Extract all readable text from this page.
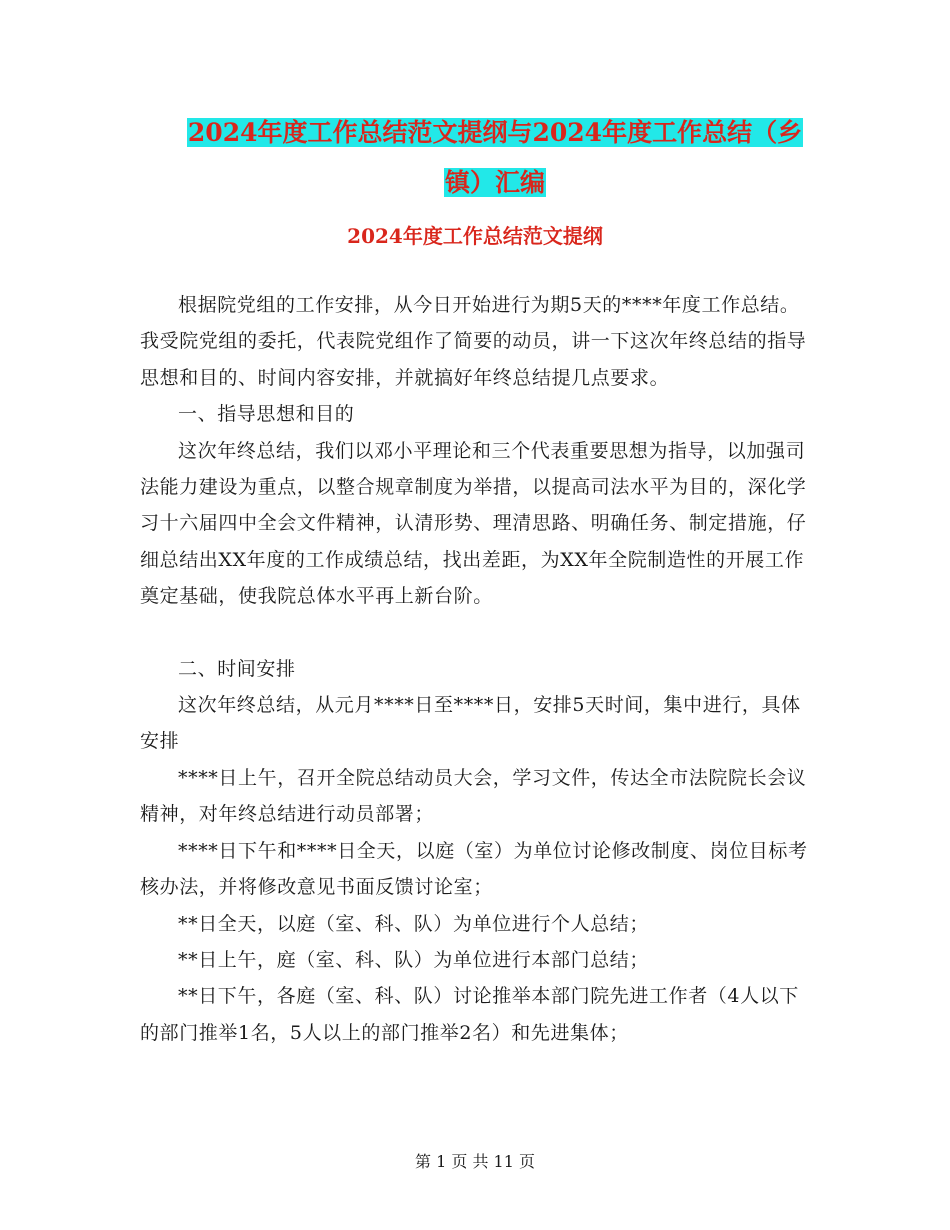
2024年度工作总结范文提纲与2024年度工作总结（乡
镇）汇编
2024年度工作总结范文提纲

根据院党组的工作安排，从今日开始进行为期5天的****年度工作总结。我受院党组的委托，代表院党组作了简要的动员，讲一下这次年终总结的指导思想和目的、时间内容安排，并就搞好年终总结提几点要求。

一、指导思想和目的

这次年终总结，我们以邓小平理论和三个代表重要思想为指导，以加强司法能力建设为重点，以整合规章制度为举措，以提高司法水平为目的，深化学习十六届四中全会文件精神，认清形势、理清思路、明确任务、制定措施，仔细总结出XX年度的工作成绩总结，找出差距，为XX年全院制造性的开展工作奠定基础，使我院总体水平再上新台阶。

二、时间安排

这次年终总结，从元月****日至****日，安排5天时间，集中进行，具体安排

****日上午，召开全院总结动员大会，学习文件，传达全市法院院长会议精神，对年终总结进行动员部署；

****日下午和****日全天，以庭（室）为单位讨论修改制度、岗位目标考核办法，并将修改意见书面反馈讨论室；

**日全天，以庭（室、科、队）为单位进行个人总结；

**日上午，庭（室、科、队）为单位进行本部门总结；

**日下午，各庭（室、科、队）讨论推举本部门院先进工作者（4人以下的部门推举1名，5人以上的部门推举2名）和先进集体；

第 1 页 共 11 页
